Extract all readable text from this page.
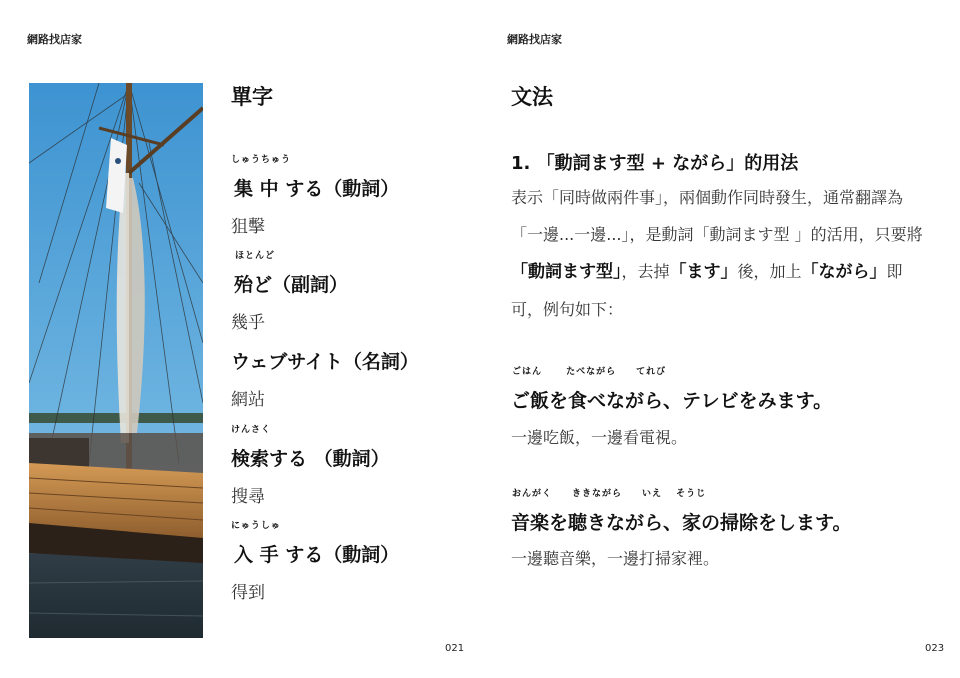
網路找店家	網路找店家
021	023
單字
しゅうちゅう
集 中 する（動詞）
狙擊
ほとんど
殆ど（副詞）
幾乎
ウェブサイト（名詞）
網站
けんさく
検索する （動詞）
搜尋
にゅうしゅ
入 手 する（動詞）
得到
文法
1. 「動詞ます型 + ながら」的用法
表示「同時做兩件事」，兩個動作同時發生，通常翻譯為「一邊...一邊...」，是動詞「動詞ます型 」的活用，只要將「動詞ます型」，去掉「ます」後，加上「ながら」即可，例句如下：
ごはん　　 たべながら　　てれび
ご飯を食べながら、テレビをみます。
一邊吃飯，一邊看電視。
おんがく　　ききながら　　いえ　 そうじ
音楽を聴きながら、家の掃除をします。
一邊聽音樂，一邊打掃家裡。
